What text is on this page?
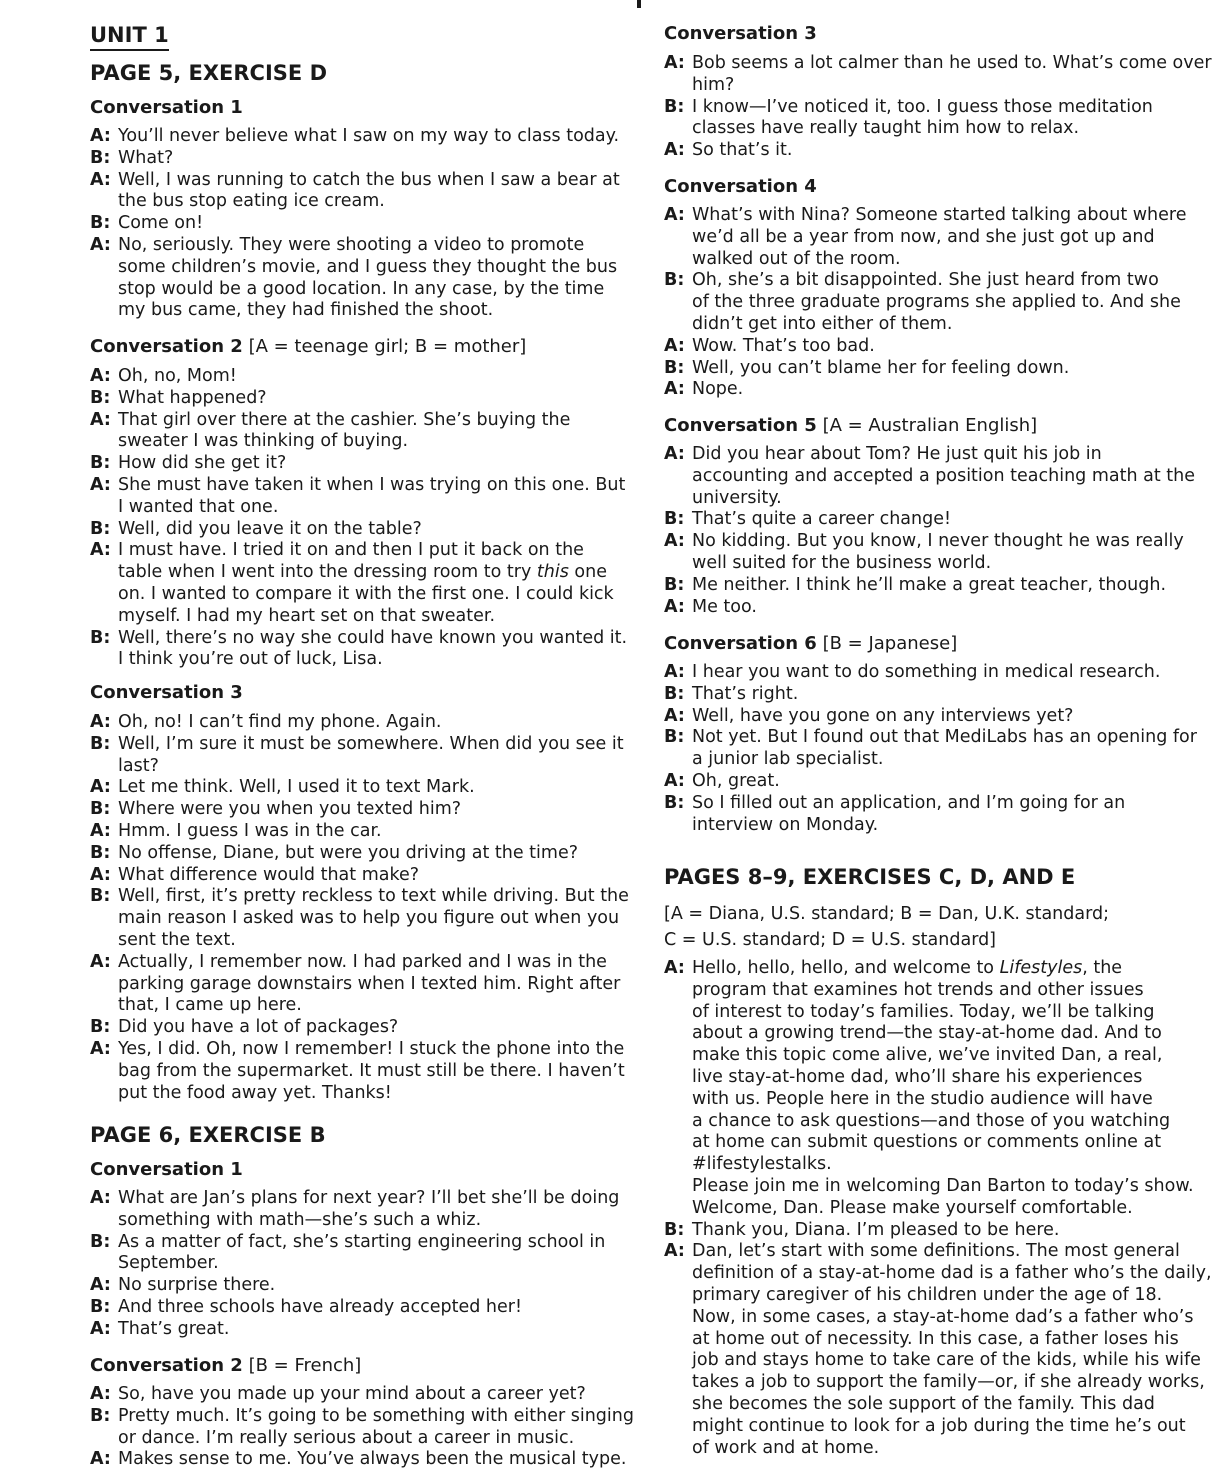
UNIT 1
PAGE 5, EXERCISE D
Conversation 1
A: You’ll never believe what I saw on my way to class today.
B: What?
A: Well, I was running to catch the bus when I saw a bear at
the bus stop eating ice cream.
B: Come on!
A: No, seriously. They were shooting a video to promote
some children’s movie, and I guess they thought the bus
stop would be a good location. In any case, by the time
my bus came, they had finished the shoot.
Conversation 2 [A = teenage girl; B = mother]
A: Oh, no, Mom!
B: What happened?
A: That girl over there at the cashier. She’s buying the
sweater I was thinking of buying.
B: How did she get it?
A: She must have taken it when I was trying on this one. But
I wanted that one.
B: Well, did you leave it on the table?
A: I must have. I tried it on and then I put it back on the
table when I went into the dressing room to try this one
on. I wanted to compare it with the first one. I could kick
myself. I had my heart set on that sweater.
B: Well, there’s no way she could have known you wanted it.
I think you’re out of luck, Lisa.
Conversation 3
A: Oh, no! I can’t find my phone. Again.
B: Well, I’m sure it must be somewhere. When did you see it
last?
A: Let me think. Well, I used it to text Mark.
B: Where were you when you texted him?
A: Hmm. I guess I was in the car.
B: No offense, Diane, but were you driving at the time?
A: What difference would that make?
B: Well, first, it’s pretty reckless to text while driving. But the
main reason I asked was to help you figure out when you
sent the text.
A: Actually, I remember now. I had parked and I was in the
parking garage downstairs when I texted him. Right after
that, I came up here.
B: Did you have a lot of packages?
A: Yes, I did. Oh, now I remember! I stuck the phone into the
bag from the supermarket. It must still be there. I haven’t
put the food away yet. Thanks!
PAGE 6, EXERCISE B
Conversation 1
A: What are Jan’s plans for next year? I’ll bet she’ll be doing
something with math—she’s such a whiz.
B: As a matter of fact, she’s starting engineering school in
September.
A: No surprise there.
B: And three schools have already accepted her!
A: That’s great.
Conversation 2 [B = French]
A: So, have you made up your mind about a career yet?
B: Pretty much. It’s going to be something with either singing
or dance. I’m really serious about a career in music.
A: Makes sense to me. You’ve always been the musical type.
Conversation 3
A: Bob seems a lot calmer than he used to. What’s come over
him?
B: I know—I’ve noticed it, too. I guess those meditation
classes have really taught him how to relax.
A: So that’s it.
Conversation 4
A: What’s with Nina? Someone started talking about where
we’d all be a year from now, and she just got up and
walked out of the room.
B: Oh, she’s a bit disappointed. She just heard from two
of the three graduate programs she applied to. And she
didn’t get into either of them.
A: Wow. That’s too bad.
B: Well, you can’t blame her for feeling down.
A: Nope.
Conversation 5 [A = Australian English]
A: Did you hear about Tom? He just quit his job in
accounting and accepted a position teaching math at the
university.
B: That’s quite a career change!
A: No kidding. But you know, I never thought he was really
well suited for the business world.
B: Me neither. I think he’ll make a great teacher, though.
A: Me too.
Conversation 6 [B = Japanese]
A: I hear you want to do something in medical research.
B: That’s right.
A: Well, have you gone on any interviews yet?
B: Not yet. But I found out that MediLabs has an opening for
a junior lab specialist.
A: Oh, great.
B: So I filled out an application, and I’m going for an
interview on Monday.
PAGES 8–9, EXERCISES C, D, AND E
[A = Diana, U.S. standard; B = Dan, U.K. standard;
C = U.S. standard; D = U.S. standard]
A: Hello, hello, hello, and welcome to Lifestyles, the
program that examines hot trends and other issues
of interest to today’s families. Today, we’ll be talking
about a growing trend—the stay-at-home dad. And to
make this topic come alive, we’ve invited Dan, a real,
live stay-at-home dad, who’ll share his experiences
with us. People here in the studio audience will have
a chance to ask questions—and those of you watching
at home can submit questions or comments online at
#lifestylestalks.
Please join me in welcoming Dan Barton to today’s show.
Welcome, Dan. Please make yourself comfortable.
B: Thank you, Diana. I’m pleased to be here.
A: Dan, let’s start with some definitions. The most general
definition of a stay-at-home dad is a father who’s the daily,
primary caregiver of his children under the age of 18.
Now, in some cases, a stay-at-home dad’s a father who’s
at home out of necessity. In this case, a father loses his
job and stays home to take care of the kids, while his wife
takes a job to support the family—or, if she already works,
she becomes the sole support of the family. This dad
might continue to look for a job during the time he’s out
of work and at home.
